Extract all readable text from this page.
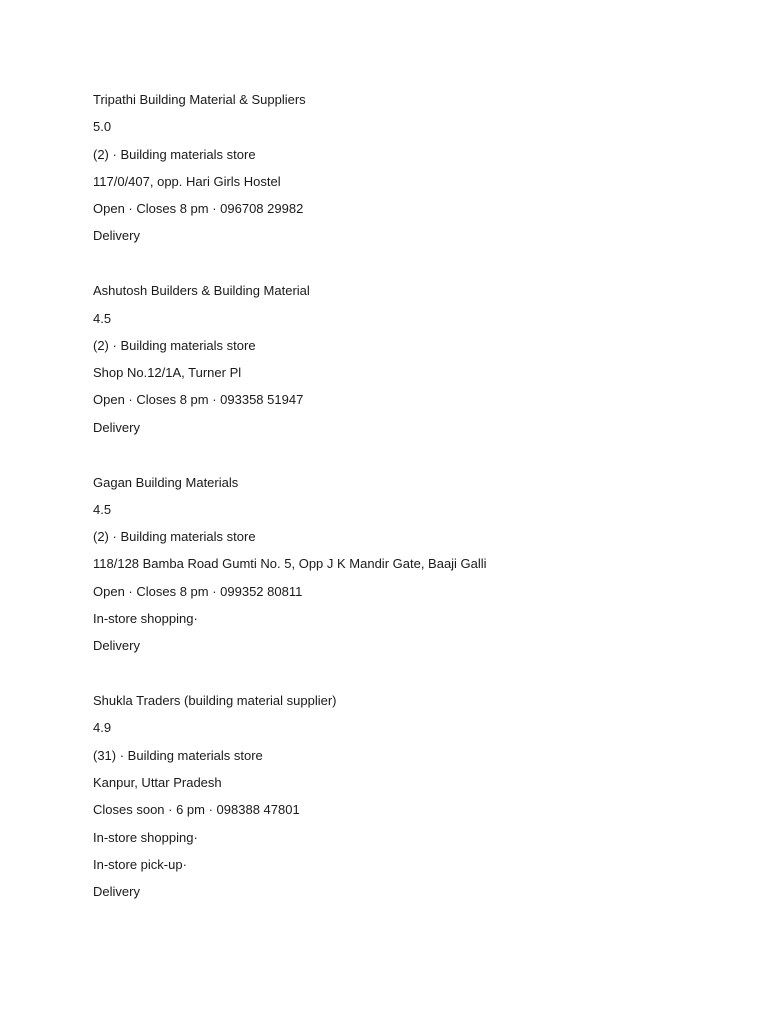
Tripathi Building Material & Suppliers
5.0
(2) · Building materials store
117/0/407, opp. Hari Girls Hostel
Open · Closes 8 pm · 096708 29982
Delivery
Ashutosh Builders & Building Material
4.5
(2) · Building materials store
Shop No.12/1A, Turner Pl
Open · Closes 8 pm · 093358 51947
Delivery
Gagan Building Materials
4.5
(2) · Building materials store
118/128 Bamba Road Gumti No. 5, Opp J K Mandir Gate, Baaji Galli
Open · Closes 8 pm · 099352 80811
In-store shopping·
Delivery
Shukla Traders (building material supplier)
4.9
(31) · Building materials store
Kanpur, Uttar Pradesh
Closes soon · 6 pm · 098388 47801
In-store shopping·
In-store pick-up·
Delivery
